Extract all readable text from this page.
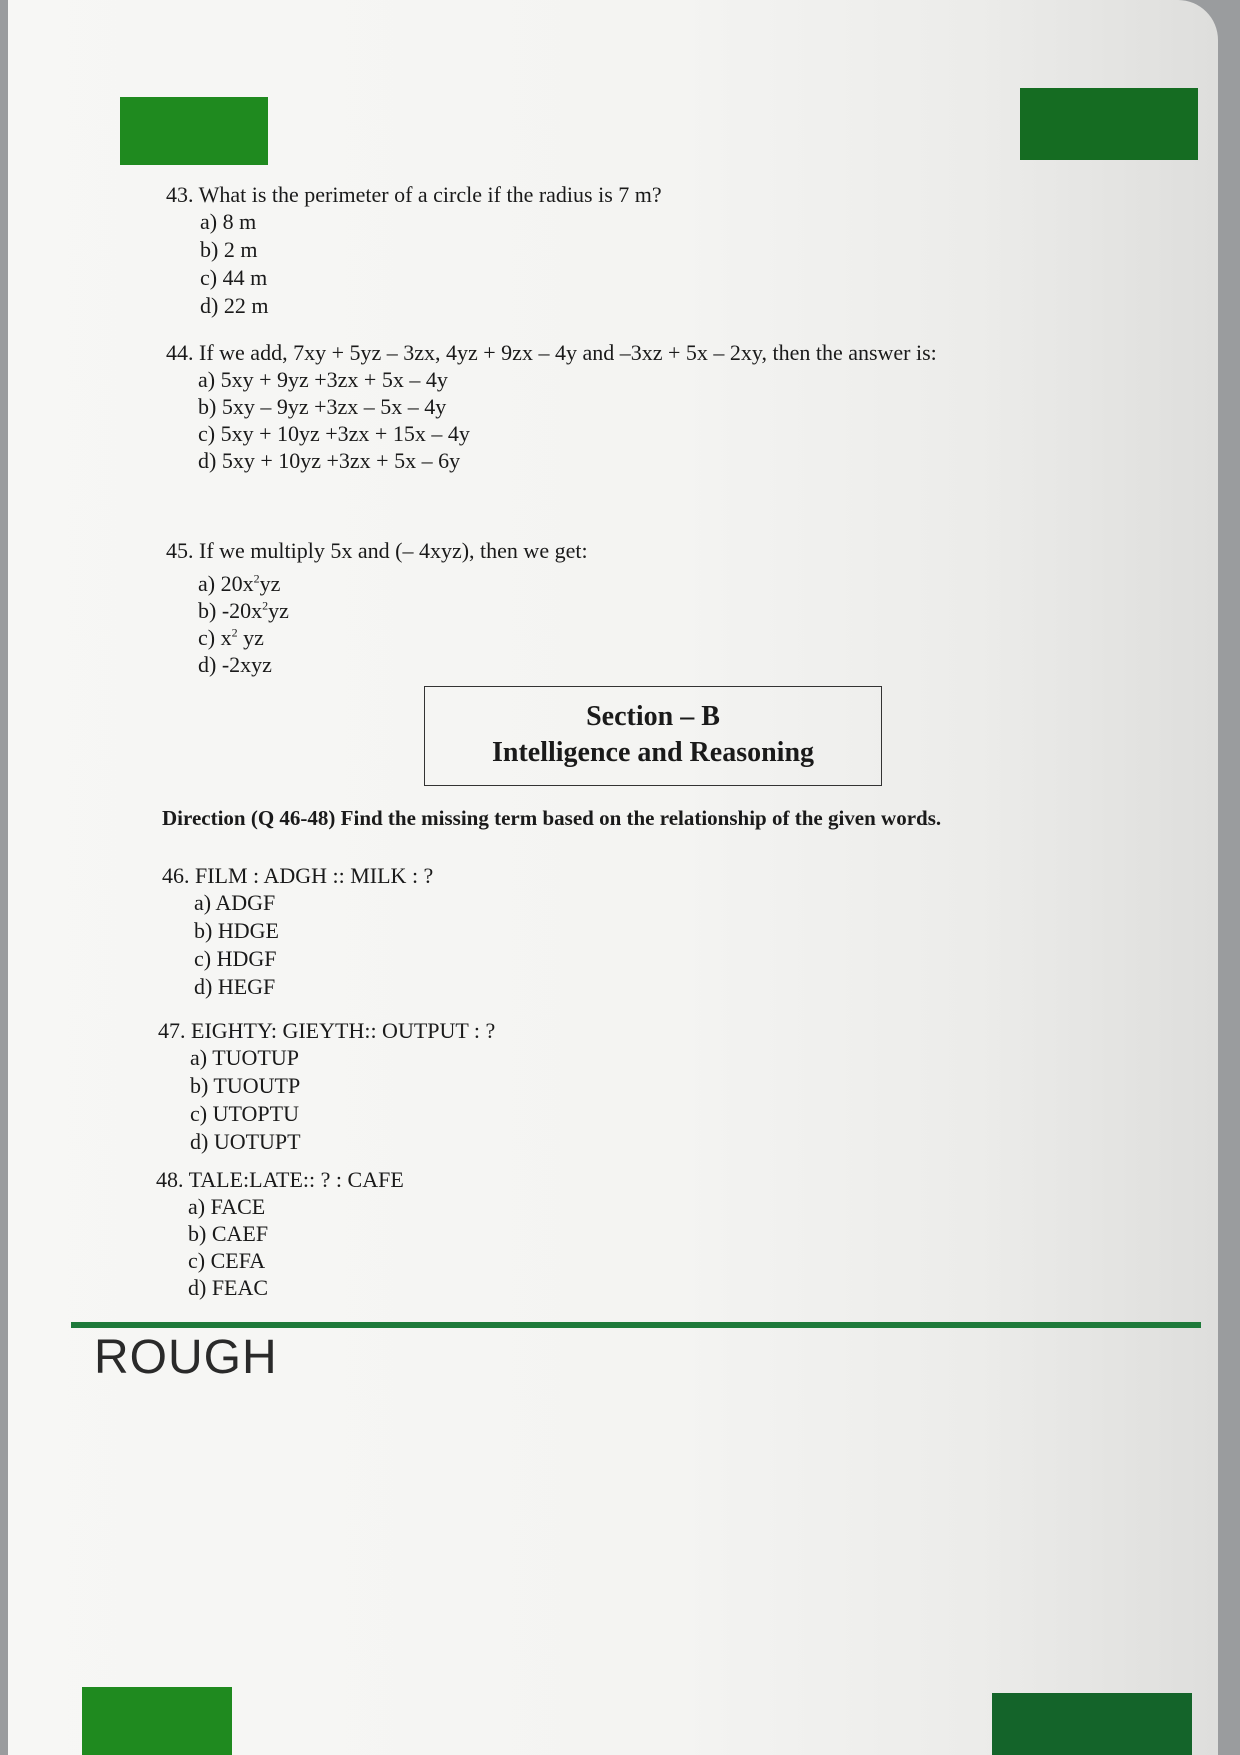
43. What is the perimeter of a circle if the radius is 7 m?
a) 8 m
b) 2 m
c) 44 m
d) 22 m
44. If we add, 7xy + 5yz – 3zx, 4yz + 9zx – 4y and –3xz + 5x – 2xy, then the answer is:
a) 5xy + 9yz +3zx + 5x – 4y
b) 5xy – 9yz +3zx – 5x – 4y
c) 5xy + 10yz +3zx + 15x – 4y
d) 5xy + 10yz +3zx + 5x – 6y
45. If we multiply 5x and (– 4xyz), then we get:
a) $20x^2yz$
b) $-20x^2yz$
c) $x^2$ yz
d) -2xyz
Section – B
Intelligence and Reasoning
Direction (Q 46-48) Find the missing term based on the relationship of the given words.
46. FILM : ADGH :: MILK : ?
a) ADGF
b) HDGE
c) HDGF
d) HEGF
47. EIGHTY: GIEYTH:: OUTPUT : ?
a) TUOTUP
b) TUOUTP
c) UTOPTU
d) UOTUPT
48. TALE:LATE:: ? : CAFE
a) FACE
b) CAEF
c) CEFA
d) FEAC
ROUGH
